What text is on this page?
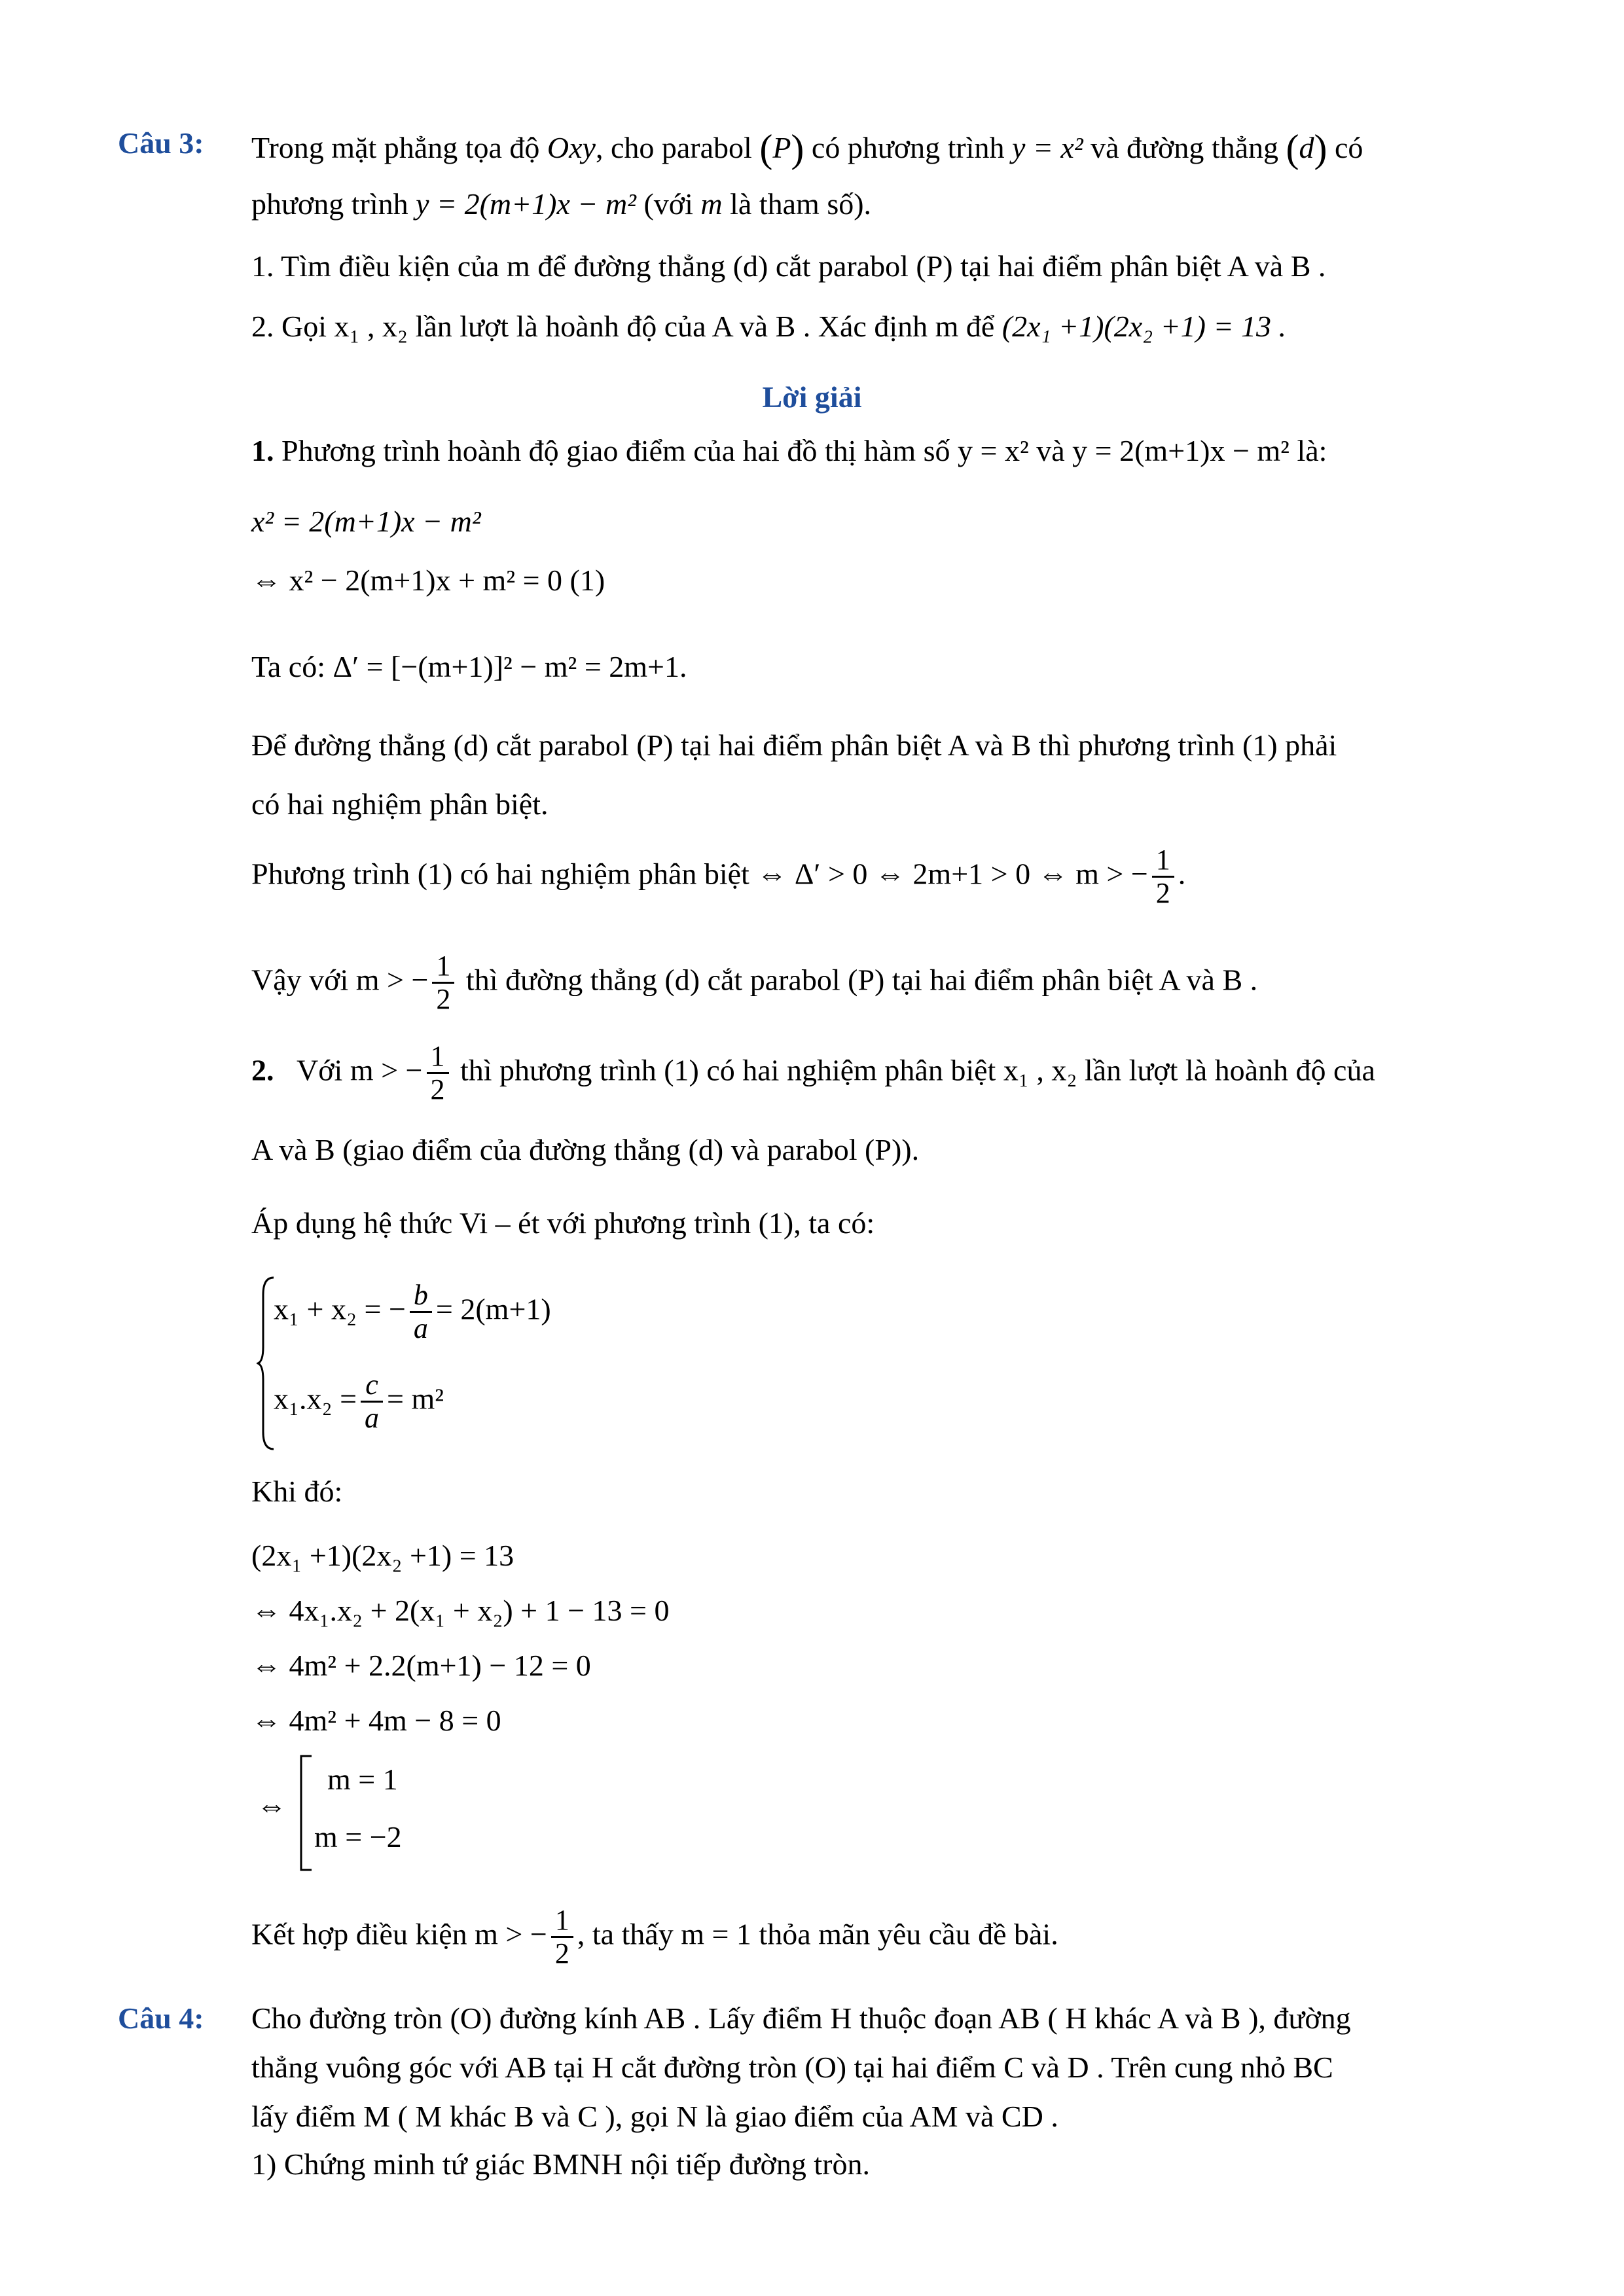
Câu 3: Trong mặt phẳng tọa độ Oxy, cho parabol (P) có phương trình y = x² và đường thẳng (d) có
phương trình y = 2(m+1)x − m² (với m là tham số).
1. Tìm điều kiện của m để đường thẳng (d) cắt parabol (P) tại hai điểm phân biệt A và B .
2. Gọi x₁ , x₂ lần lượt là hoành độ của A và B . Xác định m để (2x₁ +1)(2x₂ +1) = 13 .
Lời giải
1. Phương trình hoành độ giao điểm của hai đồ thị hàm số y = x² và y = 2(m+1)x − m² là:
x² = 2(m+1)x − m²
⇔ x² − 2(m+1)x + m² = 0 (1)
Ta có: Δ′ = [−(m+1)]² − m² = 2m+1.
Để đường thẳng (d) cắt parabol (P) tại hai điểm phân biệt A và B thì phương trình (1) phải
có hai nghiệm phân biệt.
Phương trình (1) có hai nghiệm phân biệt ⇔ Δ′ > 0 ⇔ 2m+1 > 0 ⇔ m > − $\frac{1}{2}$ .
Vậy với m > − $\frac{1}{2}$ thì đường thẳng (d) cắt parabol (P) tại hai điểm phân biệt A và B .
2. Với m > − $\frac{1}{2}$ thì phương trình (1) có hai nghiệm phân biệt x₁ , x₂ lần lượt là hoành độ của
A và B (giao điểm của đường thẳng (d) và parabol (P)).
Áp dụng hệ thức Vi – ét với phương trình (1), ta có:
x₁ + x₂ = − $\frac{b}{a} = 2(m+1)$
$x_1.x_2 = \frac{c}{a} = m^2$
Khi đó:
(2x₁ +1)(2x₂ +1) = 13
⇔ 4x₁.x₂ + 2(x₁ + x₂) + 1 − 13 = 0
⇔ 4m² + 2.2(m+1) − 12 = 0
⇔ 4m² + 4m − 8 = 0
⇔
m = 1
m = −2
Kết hợp điều kiện m > − $\frac{1}{2}$ , ta thấy m = 1 thỏa mãn yêu cầu đề bài.
Câu 4: Cho đường tròn (O) đường kính AB . Lấy điểm H thuộc đoạn AB ( H khác A và B ), đường
thẳng vuông góc với AB tại H cắt đường tròn (O) tại hai điểm C và D . Trên cung nhỏ BC
lấy điểm M ( M khác B và C ), gọi N là giao điểm của AM và CD .
1) Chứng minh tứ giác BMNH nội tiếp đường tròn.
